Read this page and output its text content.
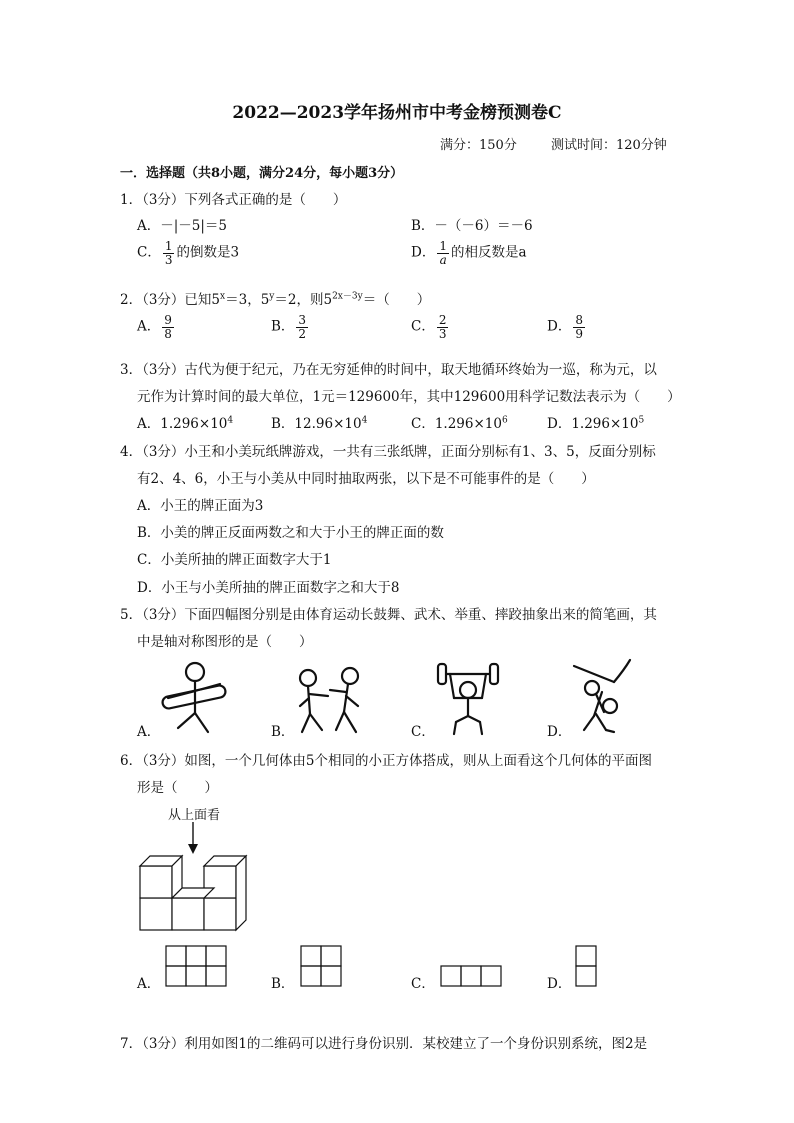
2022—2023学年扬州市中考金榜预测卷C
满分：150分	测试时间：120分钟
一．选择题（共8小题，满分24分，每小题3分）
1．（3分）下列各式正确的是（　　）
A．－|－5|＝5	B．－（－6）＝－6
C． $\frac{1}{3}$ 的倒数是3	D． $\frac{1}{a}$ 的相反数是a
2．（3分）已知$5^x=3$，$5^y=2$，则$5^{2x-3y}=$（　　）
A． $\frac{9}{8}$	B． $\frac{3}{2}$	C． $\frac{2}{3}$	D． $\frac{8}{9}$
3．（3分）古代为便于纪元，乃在无穷延伸的时间中，取天地循环终始为一巡，称为元，以
元作为计算时间的最大单位，1元＝129600年，其中129600用科学记数法表示为（　　）
A．$1.296\times 10^4$	B．$12.96\times 10^4$	C．$1.296\times 10^6$	D．$1.296\times 10^5$
4．（3分）小王和小美玩纸牌游戏，一共有三张纸牌，正面分别标有1、3、5，反面分别标
有2、4、6，小王与小美从中同时抽取两张，以下是不可能事件的是（　　）
A．小王的牌正面为3
B．小美的牌正反面两数之和大于小王的牌正面的数
C．小美所抽的牌正面数字大于1
D．小王与小美所抽的牌正面数字之和大于8
5．（3分）下面四幅图分别是由体育运动长鼓舞、武术、举重、摔跤抽象出来的简笔画，其
中是轴对称图形的是（　　）
A．	B．	C．	D．
6．（3分）如图，一个几何体由5个相同的小正方体搭成，则从上面看这个几何体的平面图
形是（　　）
从上面看
A．	B．	C．	D．
7．（3分）利用如图1的二维码可以进行身份识别．某校建立了一个身份识别系统，图2是
